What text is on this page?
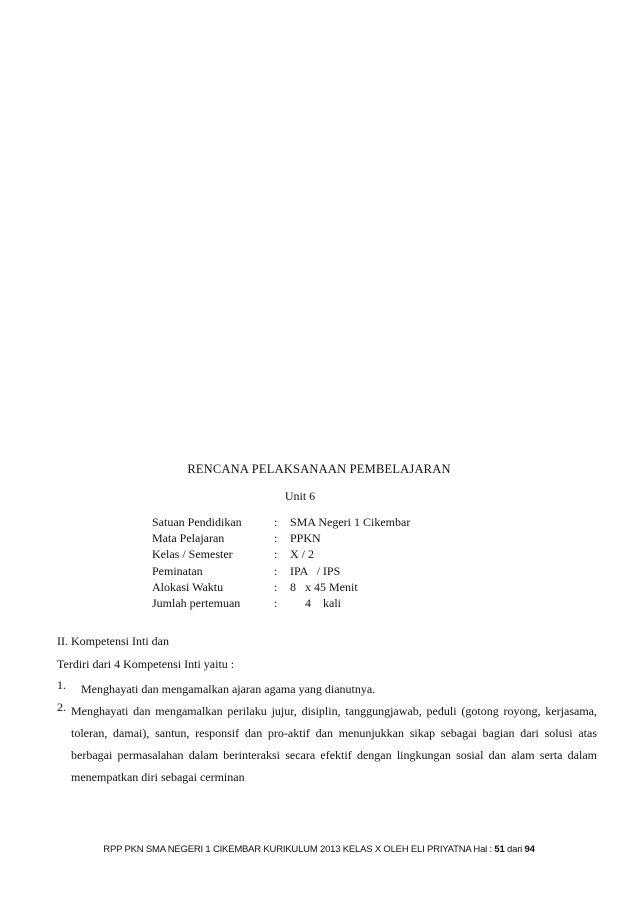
RENCANA PELAKSANAAN PEMBELAJARAN
Unit 6
Satuan Pendidikan	: SMA Negeri 1 Cikembar
Mata Pelajaran	: PPKN
Kelas / Semester	: X / 2
Peminatan	: IPA   / IPS
Alokasi Waktu	: 8   x 45 Menit
Jumlah pertemuan	: 4    kali
II. Kompetensi Inti dan
Terdiri dari 4 Kompetensi Inti yaitu :
1. Menghayati dan mengamalkan ajaran agama yang dianutnya.
2. Menghayati dan mengamalkan perilaku jujur, disiplin, tanggungjawab, peduli (gotong royong, kerjasama, toleran, damai), santun, responsif dan pro-aktif dan menunjukkan sikap sebagai bagian dari solusi atas berbagai permasalahan dalam berinteraksi secara efektif dengan lingkungan sosial dan alam serta dalam menempatkan diri sebagai cerminan
RPP PKN SMA NEGERI 1 CIKEMBAR KURIKULUM 2013 KELAS X OLEH ELI PRIYATNA Hal : 51 dari 94
